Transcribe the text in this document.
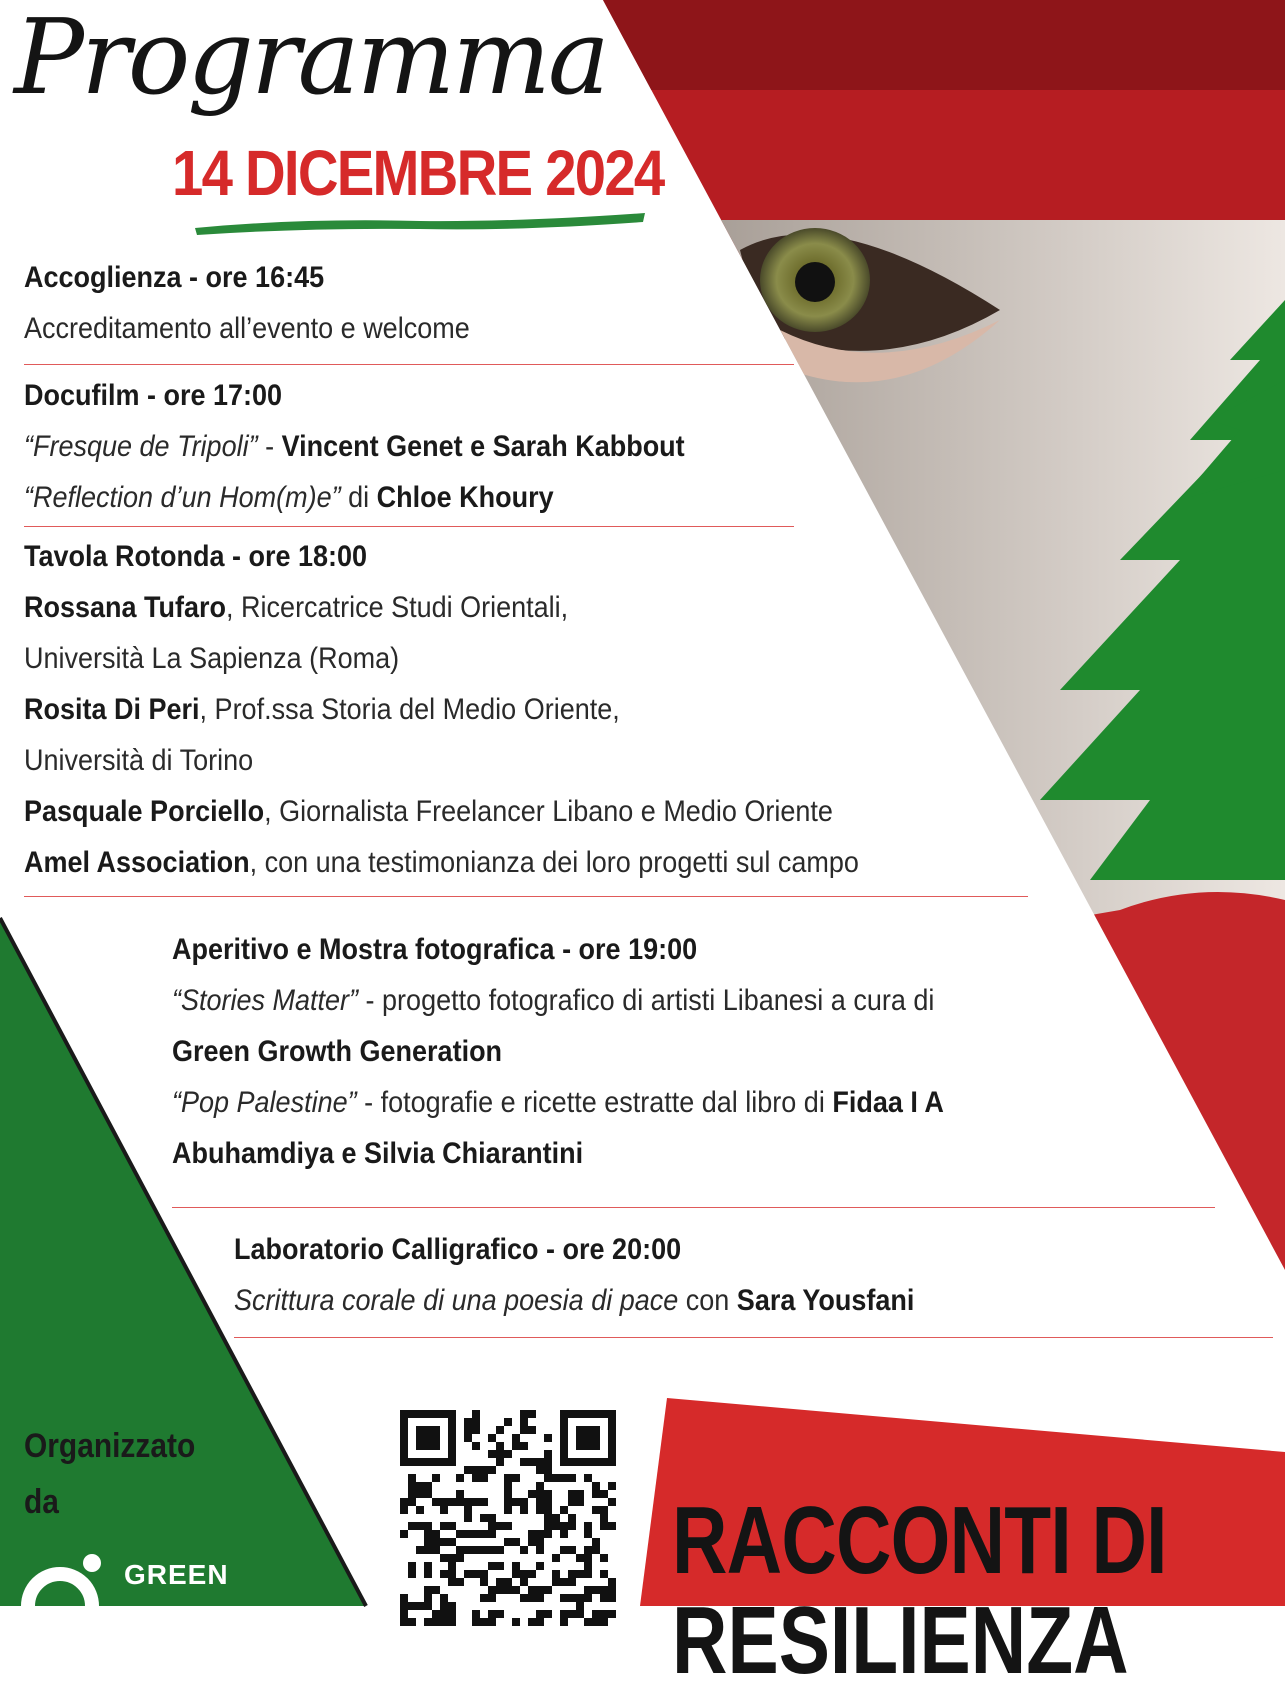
Programma
14 DICEMBRE 2024
Accoglienza - ore 16:45
Accreditamento all’evento e welcome
Docufilm - ore 17:00
“Fresque de Tripoli” - Vincent Genet e Sarah Kabbout
“Reflection d’un Hom(m)e” di Chloe Khoury
Tavola Rotonda - ore 18:00
Rossana Tufaro, Ricercatrice Studi Orientali,
Università La Sapienza (Roma)
Rosita Di Peri, Prof.ssa Storia del Medio Oriente,
Università di Torino
Pasquale Porciello, Giornalista Freelancer Libano e Medio Oriente
Amel Association, con una testimonianza dei loro progetti sul campo
Aperitivo e Mostra fotografica - ore 19:00
“Stories Matter” - progetto fotografico di artisti Libanesi a cura di
Green Growth Generation
“Pop Palestine” - fotografie e ricette estratte dal libro di Fidaa I A
Abuhamdiya e Silvia Chiarantini
Laboratorio Calligrafico - ore 20:00
Scrittura corale di una poesia di pace con Sara Yousfani
Organizzato
da
GREEN	RACCONTI DI
RESILIENZA
